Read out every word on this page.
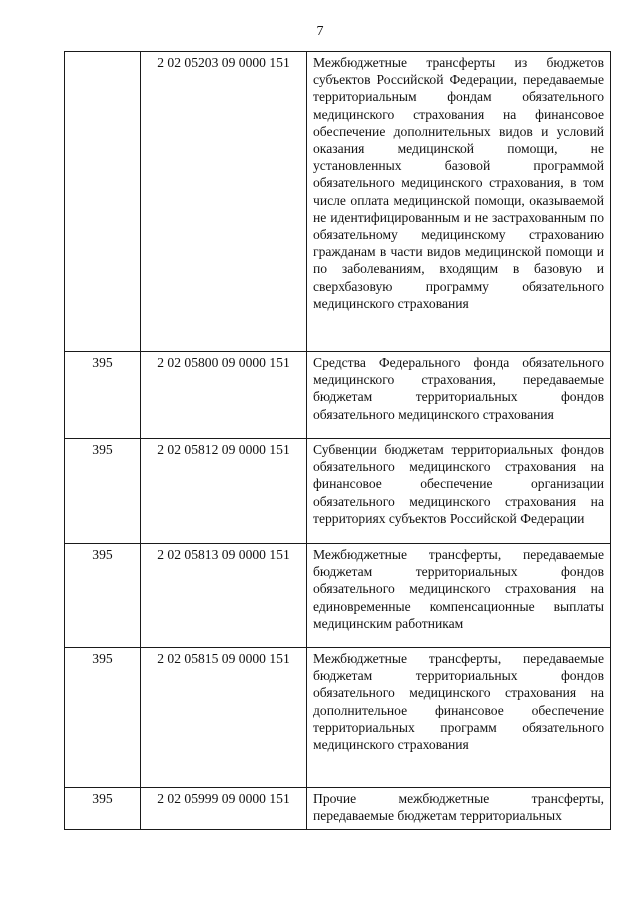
7
	2 02 05203 09 0000 151	Межбюджетные трансферты из бюджетов субъектов Российской Федерации, передаваемые территориальным фондам обязательного медицинского страхования на финансовое обеспечение дополнительных видов и условий оказания медицинской помощи, не установленных базовой программой обязательного медицинского страхования, в том числе оплата медицинской помощи, оказываемой не идентифицированным и не застрахованным по обязательному медицинскому страхованию гражданам в части видов медицинской помощи и по заболеваниям, входящим в базовую и сверхбазовую программу обязательного медицинского страхования
395	2 02 05800 09 0000 151	Средства Федерального фонда обязательного медицинского страхования, передаваемые бюджетам территориальных фондов обязательного медицинского страхования
395	2 02 05812 09 0000 151	Субвенции бюджетам территориальных фондов обязательного медицинского страхования на финансовое обеспечение организации обязательного медицинского страхования на территориях субъектов Российской Федерации
395	2 02 05813 09 0000 151	Межбюджетные трансферты, передаваемые бюджетам территориальных фондов обязательного медицинского страхования на единовременные компенсационные выплаты медицинским работникам
395	2 02 05815 09 0000 151	Межбюджетные трансферты, передаваемые бюджетам территориальных фондов обязательного медицинского страхования на дополнительное финансовое обеспечение территориальных программ обязательного медицинского страхования
395	2 02 05999 09 0000 151	Прочие межбюджетные трансферты, передаваемые бюджетам территориальных
